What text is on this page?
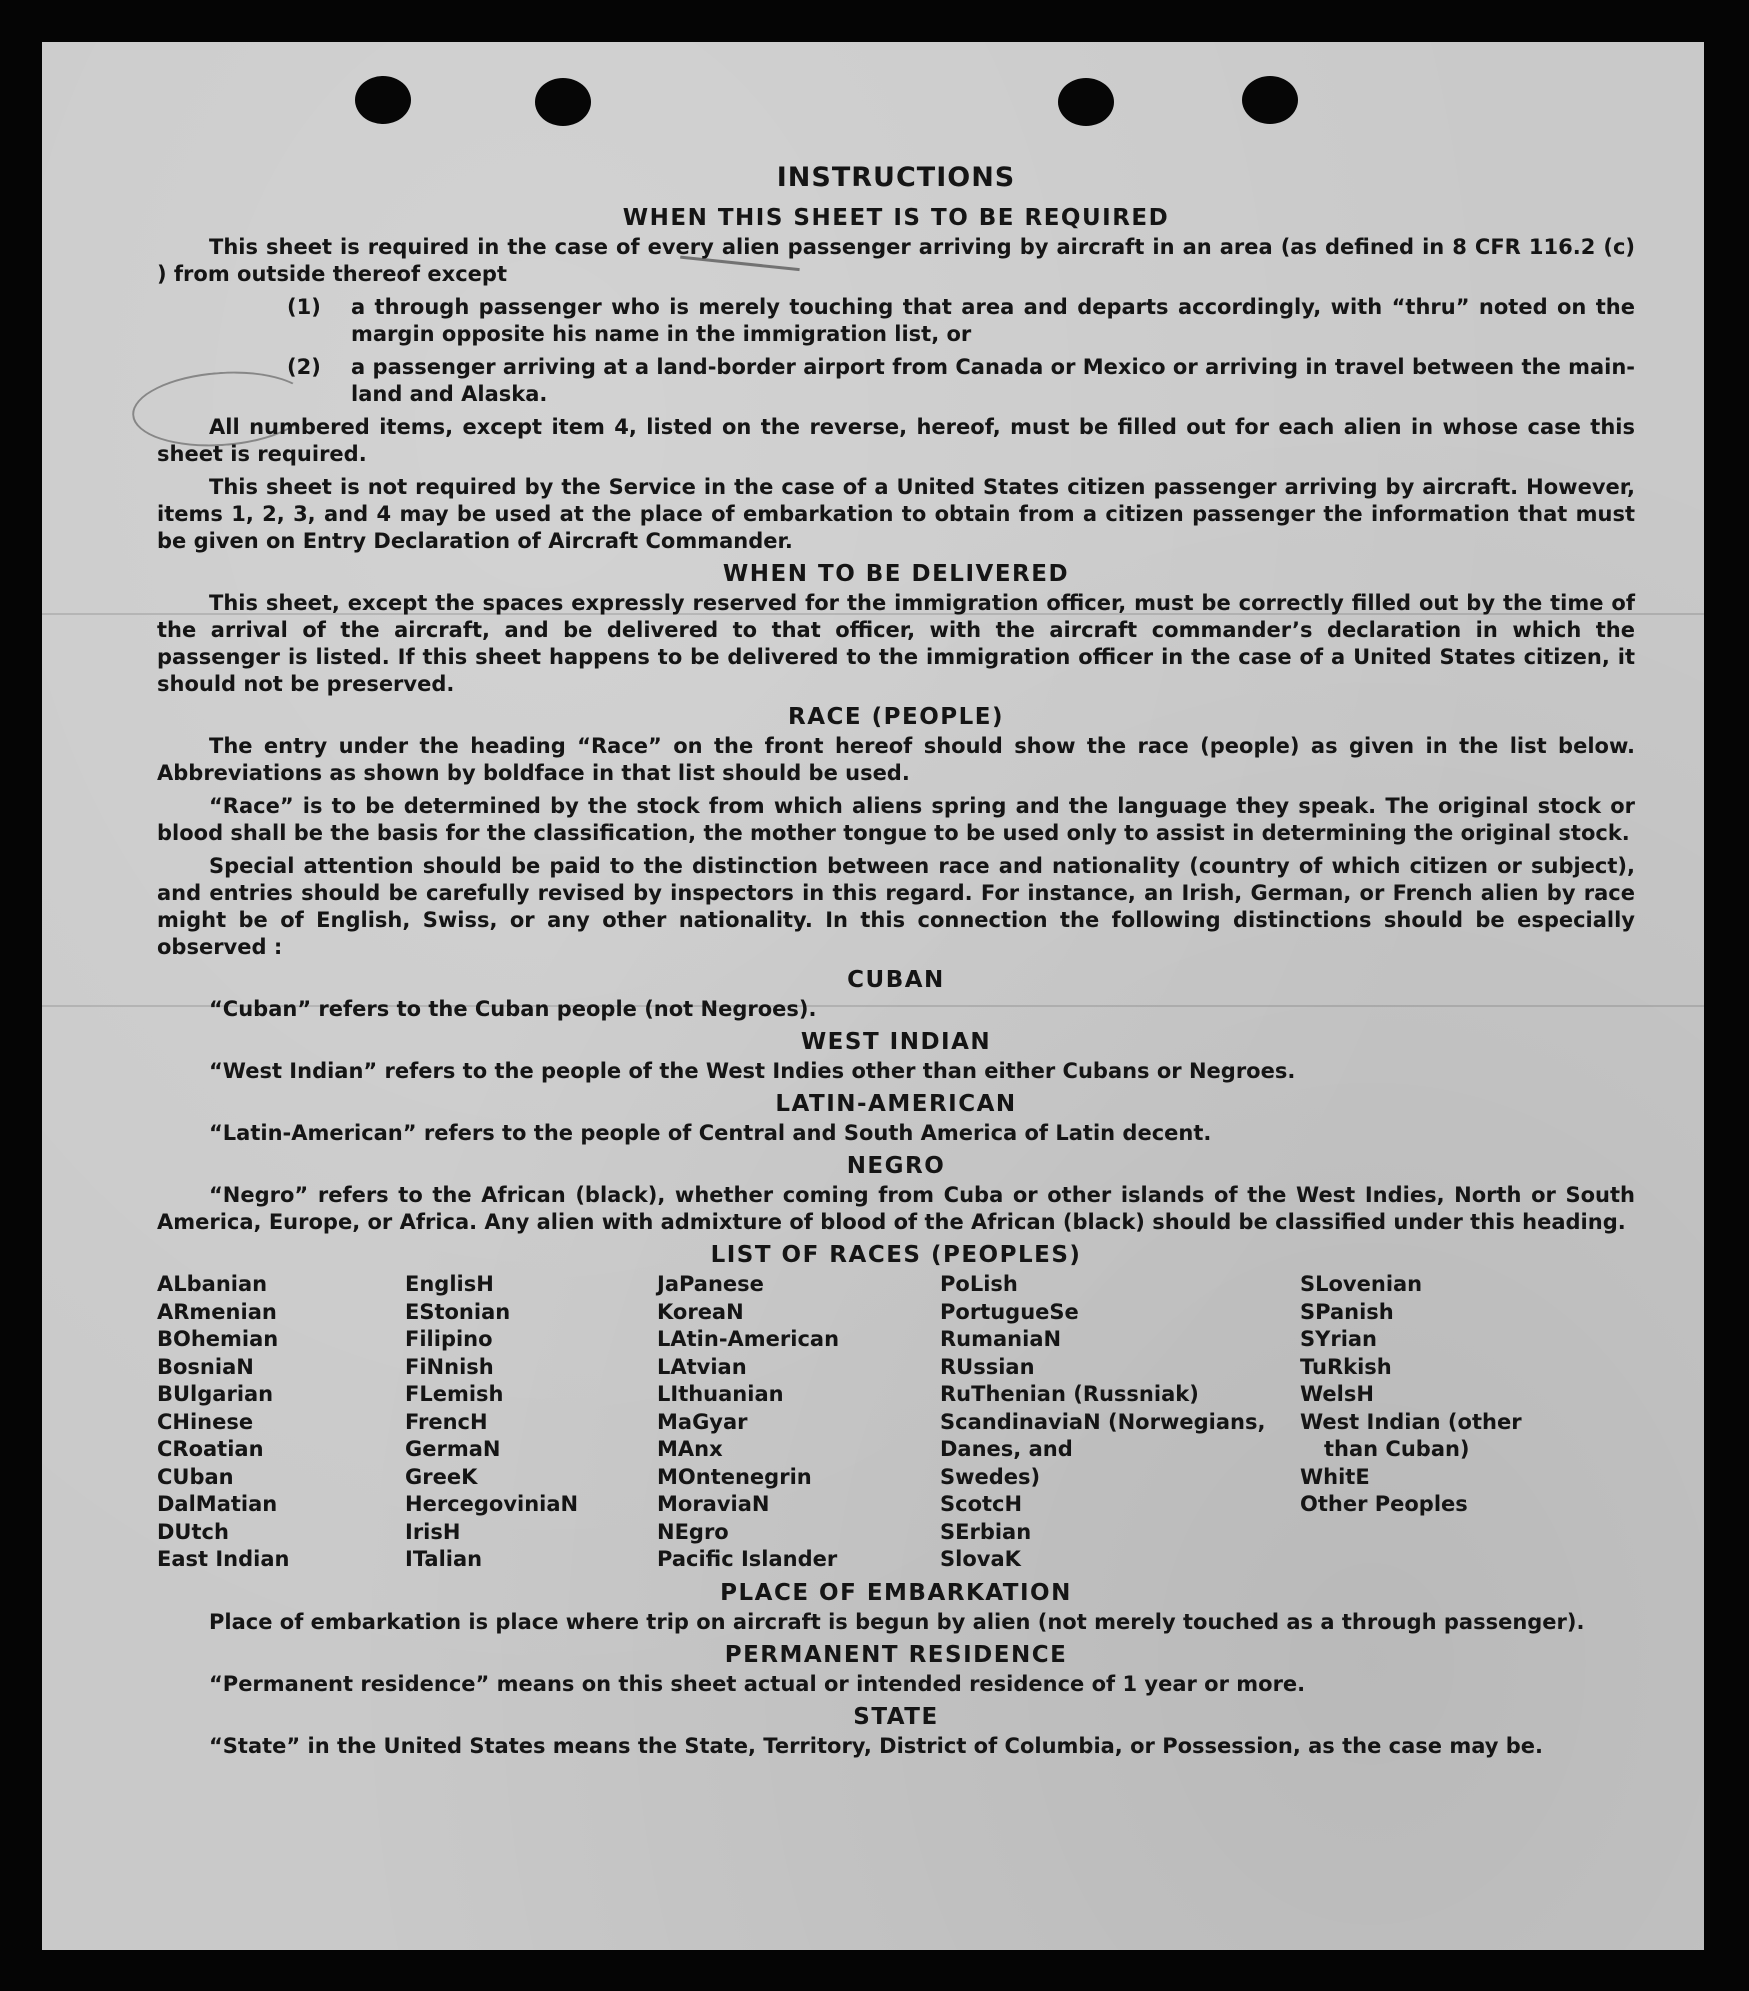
INSTRUCTIONS
WHEN THIS SHEET IS TO BE REQUIRED

This sheet is required in the case of every alien passenger arriving by aircraft in an area (as defined in 8 CFR 116.2 (c) ) from outside thereof except

(1)	a through passenger who is merely touching that area and departs accordingly, with “thru” noted on the margin opposite his name in the immigration list, or
(2)	a passenger arriving at a land-border airport from Canada or Mexico or arriving in travel between the main-land and Alaska.

All numbered items, except item 4, listed on the reverse, hereof, must be filled out for each alien in whose case this sheet is required.

This sheet is not required by the Service in the case of a United States citizen passenger arriving by aircraft. However, items 1, 2, 3, and 4 may be used at the place of embarkation to obtain from a citizen passenger the information that must be given on Entry Declaration of Aircraft Commander.

WHEN TO BE DELIVERED

This sheet, except the spaces expressly reserved for the immigration officer, must be correctly filled out by the time of the arrival of the aircraft, and be delivered to that officer, with the aircraft commander’s declaration in which the passenger is listed. If this sheet happens to be delivered to the immigration officer in the case of a United States citizen, it should not be preserved.

RACE (PEOPLE)

The entry under the heading “Race” on the front hereof should show the race (people) as given in the list below. Abbreviations as shown by boldface in that list should be used.

“Race” is to be determined by the stock from which aliens spring and the language they speak. The original stock or blood shall be the basis for the classification, the mother tongue to be used only to assist in determining the original stock.

Special attention should be paid to the distinction between race and nationality (country of which citizen or subject), and entries should be carefully revised by inspectors in this regard. For instance, an Irish, German, or French alien by race might be of English, Swiss, or any other nationality. In this connection the following distinctions should be especially observed :

CUBAN

“Cuban” refers to the Cuban people (not Negroes).

WEST INDIAN

“West Indian” refers to the people of the West Indies other than either Cubans or Negroes.

LATIN-AMERICAN

“Latin-American” refers to the people of Central and South America of Latin decent.

NEGRO

“Negro” refers to the African (black), whether coming from Cuba or other islands of the West Indies, North or South America, Europe, or Africa. Any alien with admixture of blood of the African (black) should be classified under this heading.

LIST OF RACES (PEOPLES)
ALbanian
ARmenian
BOhemian
BosniaN
BUlgarian
CHinese
CRoatian
CUban
DalMatian
DUtch
East Indian
EnglisH
EStonian
Filipino
FiNnish
FLemish
FrencH
GermaN
GreeK
HercegoviniaN
IrisH
ITalian
JaPanese
KoreaN
LAtin-American
LAtvian
LIthuanian
MaGyar
MAnx
MOntenegrin
MoraviaN
NEgro
Pacific Islander
PoLish
PortugueSe
RumaniaN
RUssian
RuThenian (Russniak)
ScandinaviaN (Norwegians,
Danes, and
Swedes)
ScotcH
SErbian
SlovaK
SLovenian
SPanish
SYrian
TuRkish
WelsH
West Indian (other
than Cuban)
WhitE
Other Peoples
PLACE OF EMBARKATION

Place of embarkation is place where trip on aircraft is begun by alien (not merely touched as a through passenger).

PERMANENT RESIDENCE

“Permanent residence” means on this sheet actual or intended residence of 1 year or more.

STATE

“State” in the United States means the State, Territory, District of Columbia, or Possession, as the case may be.
